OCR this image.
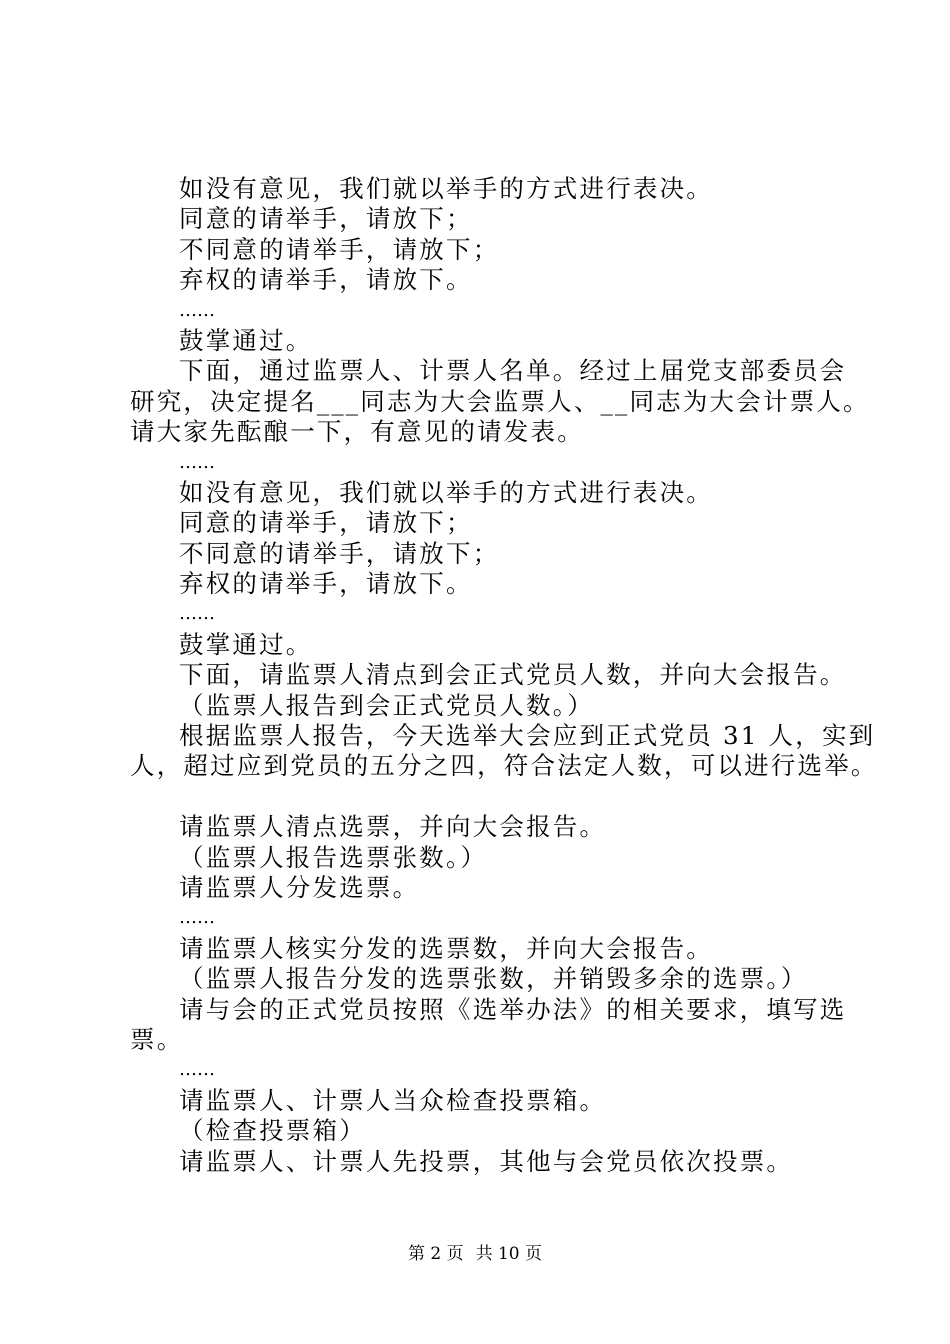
如没有意见，我们就以举手的方式进行表决。
同意的请举手，请放下；
不同意的请举手，请放下；
弃权的请举手，请放下。
……
鼓掌通过。
下面，通过监票人、计票人名单。经过上届党支部委员会
研究，决定提名___同志为大会监票人、__同志为大会计票人。
请大家先酝酿一下，有意见的请发表。
……
如没有意见，我们就以举手的方式进行表决。
同意的请举手，请放下；
不同意的请举手，请放下；
弃权的请举手，请放下。
……
鼓掌通过。
下面，请监票人清点到会正式党员人数，并向大会报告。
（监票人报告到会正式党员人数。）
根据监票人报告，今天选举大会应到正式党员 31 人，实到
人，超过应到党员的五分之四，符合法定人数，可以进行选举。
请监票人清点选票，并向大会报告。
（监票人报告选票张数。）
请监票人分发选票。
……
请监票人核实分发的选票数，并向大会报告。
（监票人报告分发的选票张数，并销毁多余的选票。）
请与会的正式党员按照《选举办法》的相关要求，填写选
票。
……
请监票人、计票人当众检查投票箱。
（检查投票箱）
请监票人、计票人先投票，其他与会党员依次投票。
第 2 页 共 10 页
